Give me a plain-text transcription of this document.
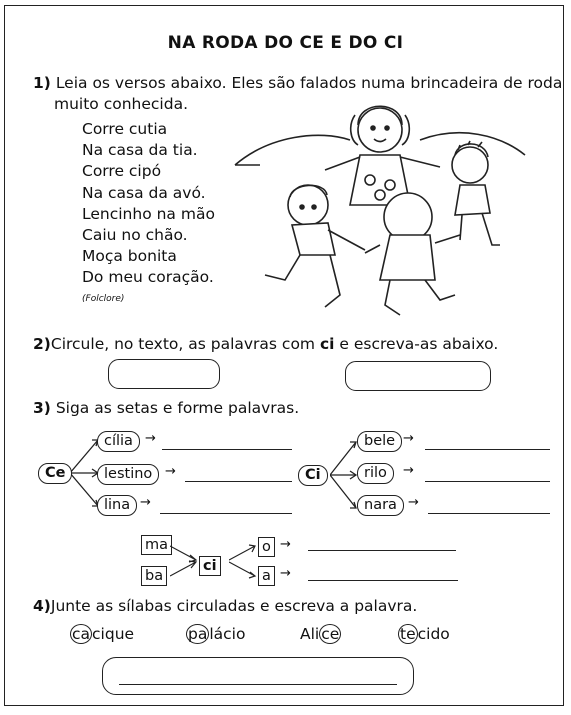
NA RODA DO CE E DO CI
1) Leia os versos abaixo. Eles são falados numa brincadeira de roda
muito conhecida.
Corre cutia
Na casa da tia.
Corre cipó
Na casa da avó.
Lencinho na mão
Caiu no chão.
Moça bonita
Do meu coração.
(Folclore)
2)Circule, no texto, as palavras com ci e escreva-as abaixo.
3) Siga as setas e forme palavras.
Ce
cília →
lestino →
lina →
Ci
bele →
rilo	→
nara →
ma
ba
ci
o
a
→
→
4)Junte as sílabas circuladas e escreva a palavra.
ca cique	pa lácio	Ali ce	te cido
